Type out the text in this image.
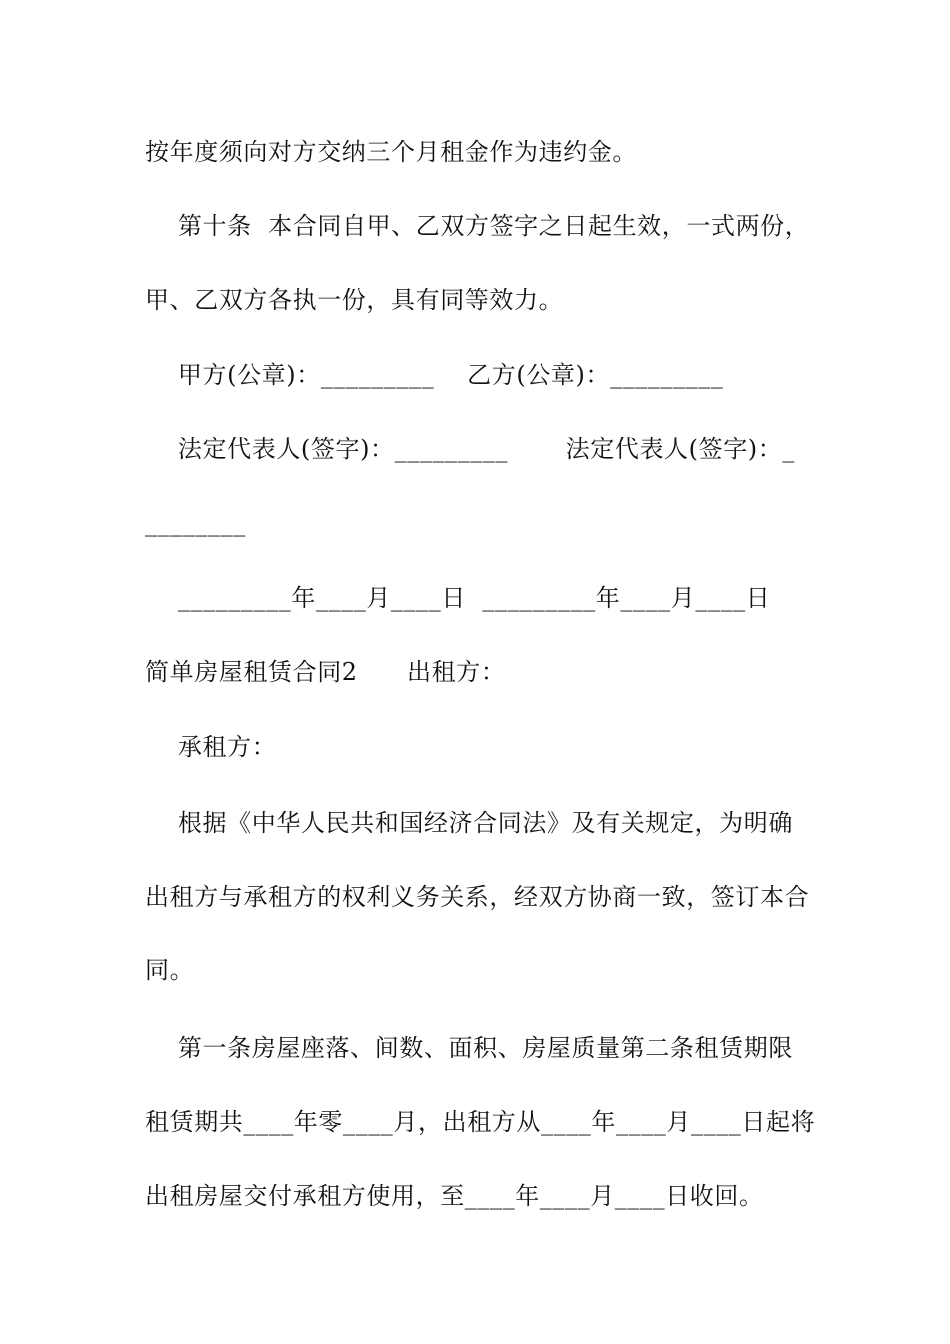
按年度须向对方交纳三个月租金作为违约金。
第十条  本合同自甲、乙双方签字之日起生效，一式两份，
甲、乙双方各执一份，具有同等效力。
甲方(公章)：_________    乙方(公章)：_________
法定代表人(签字)：_________       法定代表人(签字)：_
________
_________年____月____日  _________年____月____日
简单房屋租赁合同2      出租方：
承租方：
根据《中华人民共和国经济合同法》及有关规定，为明确
出租方与承租方的权利义务关系，经双方协商一致，签订本合
同。
第一条房屋座落、间数、面积、房屋质量第二条租赁期限
租赁期共____年零____月，出租方从____年____月____日起将
出租房屋交付承租方使用，至____年____月____日收回。
